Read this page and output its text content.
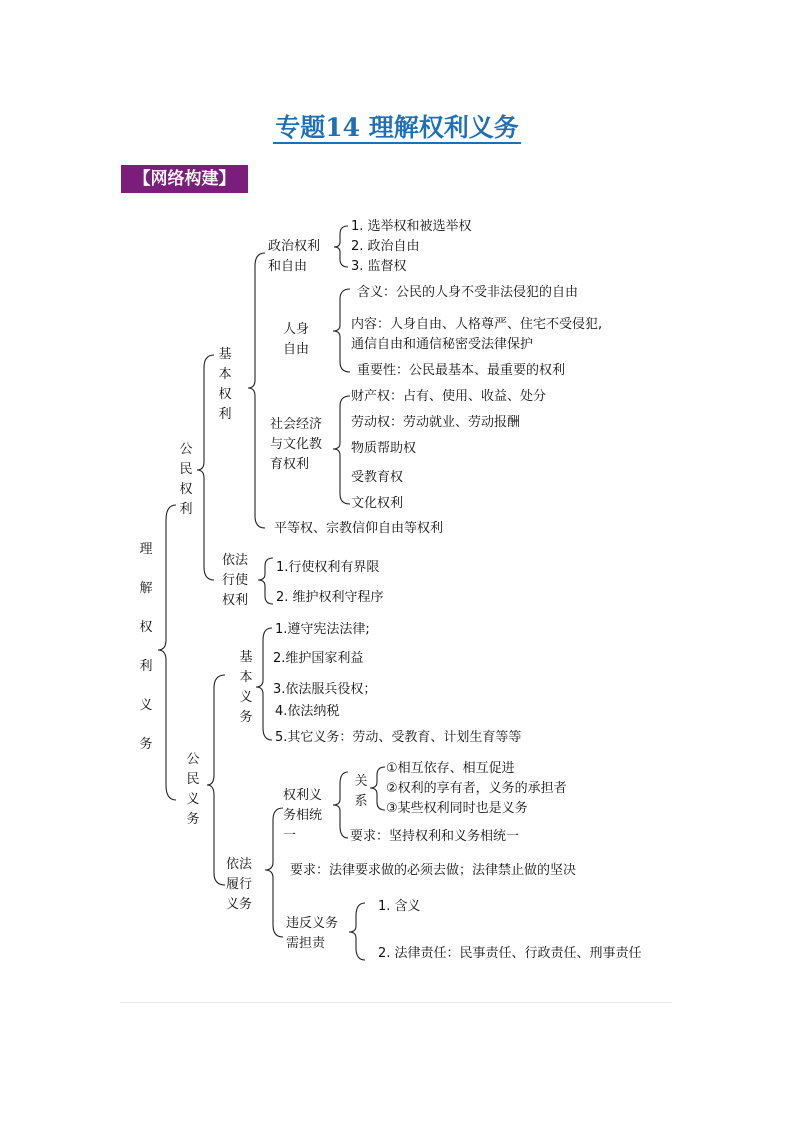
专题14 理解权利义务
【网络构建】
理解权利义务
公民权利
基本权利
政治权利
和自由
1. 选举权和被选举权
2. 政治自由
3. 监督权
人身
自由
含义：公民的人身不受非法侵犯的自由
内容：人身自由、人格尊严、住宅不受侵犯,
通信自由和通信秘密受法律保护
重要性：公民最基本、最重要的权利
社会经济
与文化教
育权利
财产权：占有、使用、收益、处分
劳动权：劳动就业、劳动报酬
物质帮助权
受教育权
文化权利
平等权、宗教信仰自由等权利
依法
行使
权利
1.行使权利有界限
2. 维护权利守程序
公民义务
基本义务
1.遵守宪法法律;
2.维护国家利益
3.依法服兵役权；
4.依法纳税
5.其它义务：劳动、受教育、计划生育等等
依法
履行
义务
权利义
务相统
一
关系
①相互依存、相互促进
②权利的享有者，义务的承担者
③某些权利同时也是义务
要求：坚持权利和义务相统一
要求：法律要求做的必须去做；法律禁止做的坚决
违反义务
需担责
1. 含义
2. 法律责任：民事责任、行政责任、刑事责任
